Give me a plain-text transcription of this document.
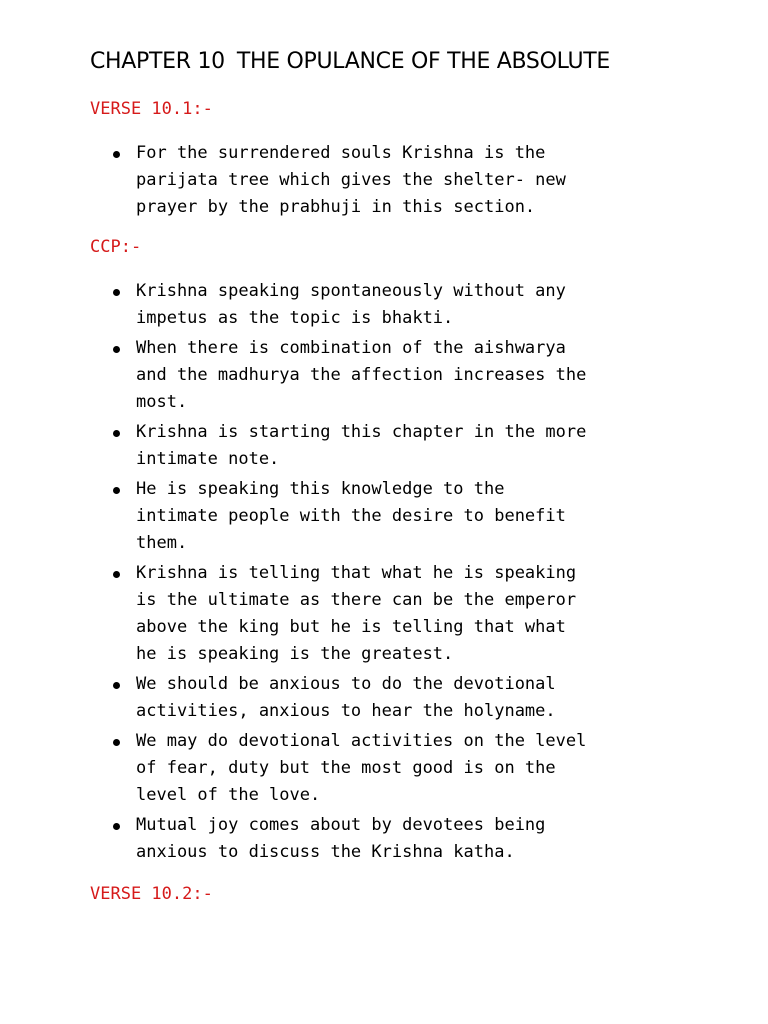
CHAPTER 10 THE OPULANCE OF THE ABSOLUTE
VERSE 10.1:-
For the surrendered souls Krishna is the
parijata tree which gives the shelter- new
prayer by the prabhuji in this section.
CCP:-
Krishna speaking spontaneously without any
impetus as the topic is bhakti.
When there is combination of the aishwarya
and the madhurya the affection increases the
most.
Krishna is starting this chapter in the more
intimate note.
He is speaking this knowledge to the
intimate people with the desire to benefit
them.
Krishna is telling that what he is speaking
is the ultimate as there can be the emperor
above the king but he is telling that what
he is speaking is the greatest.
We should be anxious to do the devotional
activities, anxious to hear the holyname.
We may do devotional activities on the level
of fear, duty but the most good is on the
level of the love.
Mutual joy comes about by devotees being
anxious to discuss the Krishna katha.
VERSE 10.2:-
